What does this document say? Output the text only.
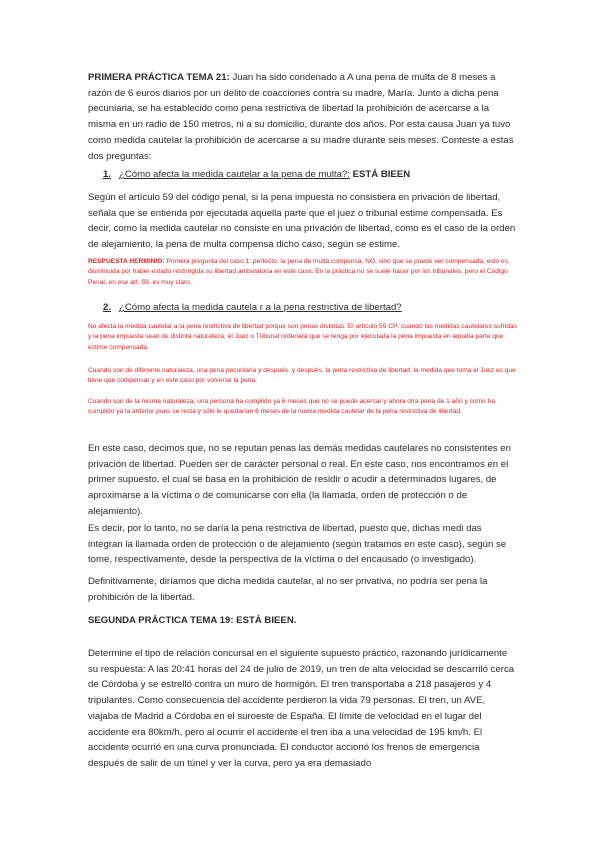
PRIMERA PRÁCTICA TEMA 21: Juan ha sido condenado a A una pena de multa de 8 meses a razón de 6 euros diarios por un delito de coacciones contra su madre, María. Junto a dicha pena pecuniaria, se ha establecido como pena restrictiva de libertad la prohibición de acercarse a la misma en un radio de 150 metros, ni a su domicilio, durante dos años. Por esta causa Juan ya tuvo como medida cautelar la prohibición de acercarse a su madre durante seis meses. Conteste a estas dos preguntas:

1. ¿Cómo afecta la medida cautelar a la pena de multa?: ESTÁ BIEEN

Según el artículo 59 del código penal, si la pena impuesta no consistiera en privación de libertad, señala que se entienda por ejecutada aquella parte que el juez o tribunal estime compensada. Es decir, como la medida cautelar no consiste en una privación de libertad, como es el caso de la orden de alejamiento, la pena de multa compensa dicho caso, según se estime.

RESPUESTA HERMINIO: Primera pregunta del caso 1: perfecto. la pena de multa compensa, NO, sino que se puede ver compensada, esto es, disminuida por haber estado restringida su libertad ambulatoria en este caso. En la práctica no se suele hacer por los tribunales, pero el Código Penal, en ese art. 59, es muy claro.
2. ¿Cómo afecta la medida cautela r a la pena restrictiva de libertad?
No afecta la medida cautelar a la pena restrictiva de libertad porque son penas distintas. El artículo 59 CP: cuando las medidas cautelares sufridas y la pena impuesta sean de distinta naturaleza, el Juez o Tribunal ordenará que se tenga por ejecutada la pena impuesta en aquella parte que estime compensada.
Cuando son de diferente naturaleza, una pena pecuniaria y después, y después, la pena restrictiva de libertad, la medida que toma el Juez es que tiene que compensar y en este caso por volverse la pena.
Cuando son de la misma naturaleza, una persona ha cumplido ya 6 meses que no se puede acercar y ahora otra pena de 1 año y como ha cumplido ya la anterior pues se resta y sólo le quedarían 6 meses de la nueva medida cautelar de la pena restrictiva de libertad.

En este caso, decimos que, no se reputan penas las demás medidas cautelares no consistentes en privación de libertad. Pueden ser de carácter personal o real. En este caso, nos encontramos en el primer supuesto, el cual se basa en la prohibición de residir o acudir a determinados lugares, de aproximarse a la víctima o de comunicarse con ella (la llamada, orden de protección o de alejamiento).

Es decir, por lo tanto, no se daría la pena restrictiva de libertad, puesto que, dichas medi das integran la llamada orden de protección o de alejamiento (según tratamos en este caso), según se tome, respectivamente, desde la perspectiva de la víctima o del encausado (o investigado).

Definitivamente, diríamos que dicha medida cautelar, al no ser privativa, no podría ser pena la prohibición de la libertad.

SEGUNDA PRÁCTICA TEMA 19: ESTÁ BIEEN.

Determine el tipo de relación concursal en el siguiente supuesto práctico, razonando jurídicamente su respuesta: A las 20:41 horas del 24 de julio de 2019, un tren de alta velocidad se descarriló cerca de Córdoba y se estrelló contra un muro de hormigón. El tren transportaba a 218 pasajeros y 4 tripulantes. Como consecuencia del accidente perdieron la vida 79 personas. El tren, un AVE, viajaba de Madrid a Córdoba en el suroeste de España. El límite de velocidad en el lugar del accidente era 80km/h, pero al ocurrir el accidente el tren iba a una velocidad de 195 km/h. El accidente ocurrió en una curva pronunciada. El conductor accionó los frenos de emergencia después de salir de un túnel y ver la curva, pero ya era demasiado
